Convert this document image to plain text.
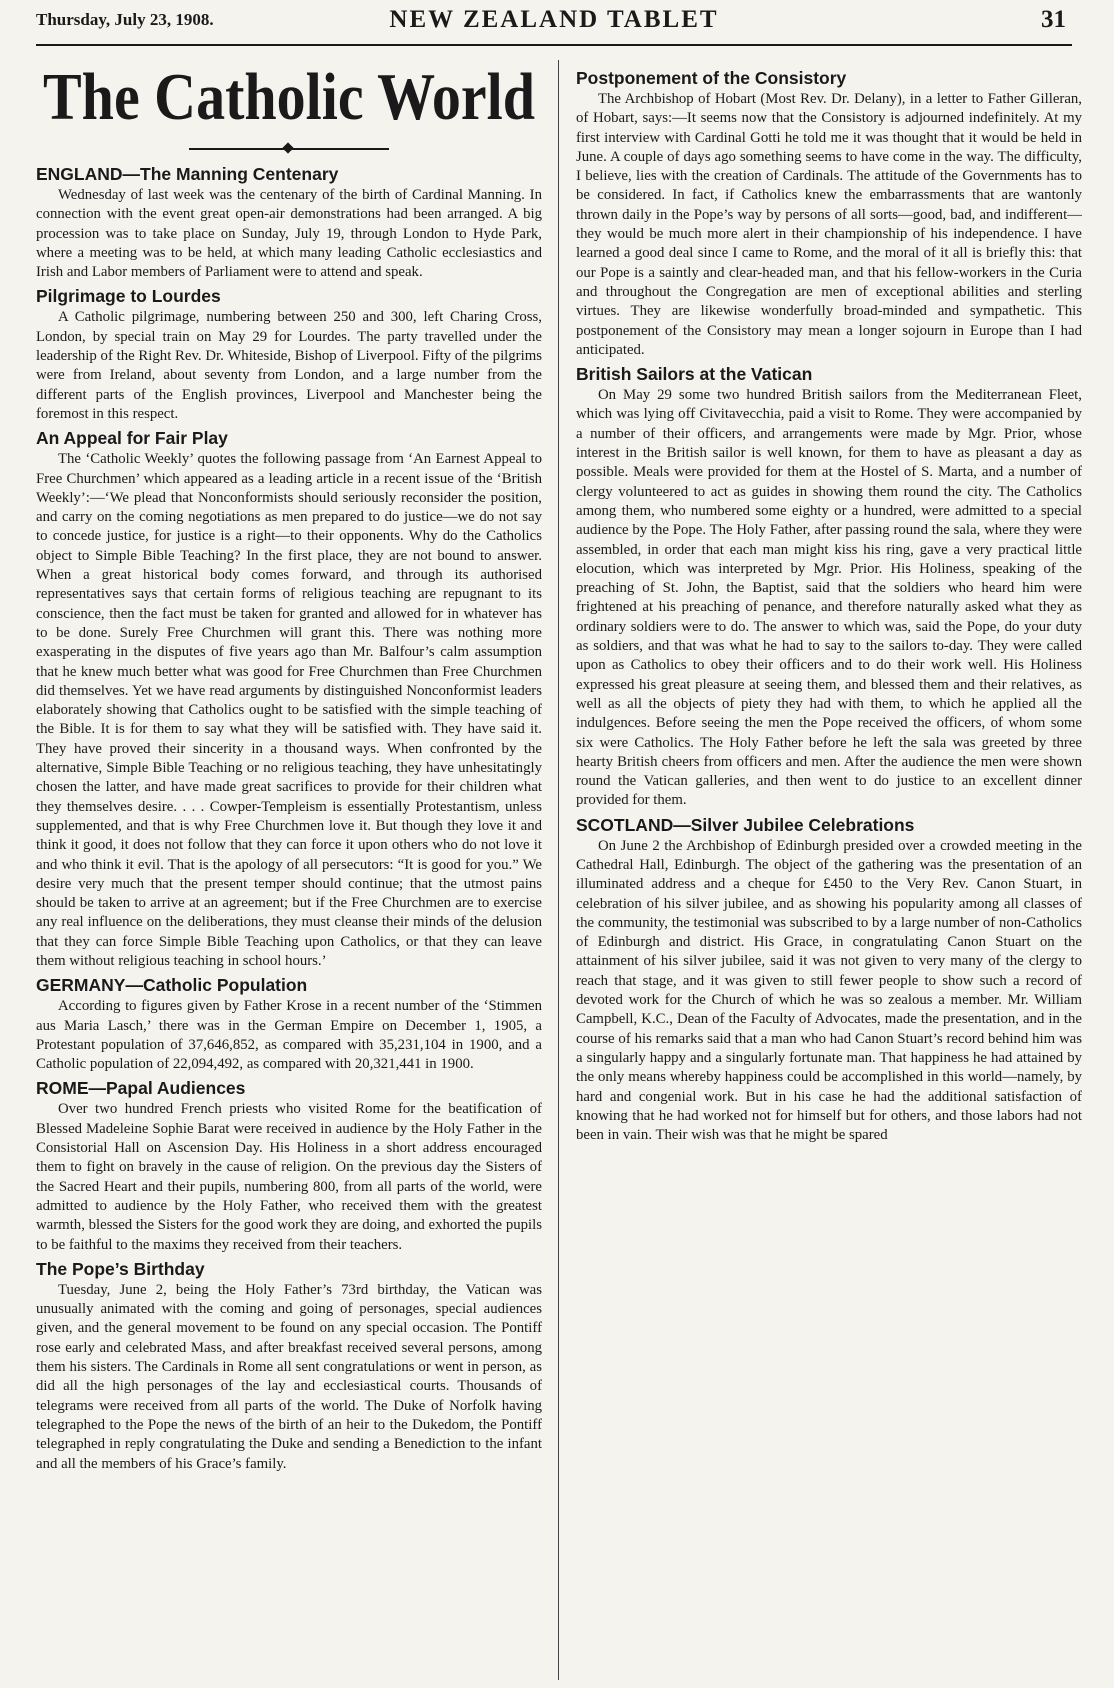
Thursday, July 23, 1908.	NEW ZEALAND TABLET	31
The Catholic World
ENGLAND—The Manning Centenary

Wednesday of last week was the centenary of the birth of Cardinal Manning. In connection with the event great open-air demonstrations had been arranged. A big procession was to take place on Sunday, July 19, through London to Hyde Park, where a meeting was to be held, at which many leading Catholic ecclesiastics and Irish and Labor members of Parliament were to attend and speak.

Pilgrimage to Lourdes

A Catholic pilgrimage, numbering between 250 and 300, left Charing Cross, London, by special train on May 29 for Lourdes. The party travelled under the leadership of the Right Rev. Dr. Whiteside, Bishop of Liverpool. Fifty of the pilgrims were from Ireland, about seventy from London, and a large number from the different parts of the English provinces, Liverpool and Manchester being the foremost in this respect.

An Appeal for Fair Play

The ‘Catholic Weekly’ quotes the following passage from ‘An Earnest Appeal to Free Churchmen’ which appeared as a leading article in a recent issue of the ‘British Weekly’:—‘We plead that Nonconformists should seriously reconsider the position, and carry on the coming negotiations as men prepared to do justice—we do not say to concede justice, for justice is a right—to their opponents. Why do the Catholics object to Simple Bible Teaching? In the first place, they are not bound to answer. When a great historical body comes forward, and through its authorised representatives says that certain forms of religious teaching are repugnant to its conscience, then the fact must be taken for granted and allowed for in whatever has to be done. Surely Free Churchmen will grant this. There was nothing more exasperating in the disputes of five years ago than Mr. Balfour’s calm assumption that he knew much better what was good for Free Churchmen than Free Churchmen did themselves. Yet we have read arguments by distinguished Nonconformist leaders elaborately showing that Catholics ought to be satisfied with the simple teaching of the Bible. It is for them to say what they will be satisfied with. They have said it. They have proved their sincerity in a thousand ways. When confronted by the alternative, Simple Bible Teaching or no religious teaching, they have unhesitatingly chosen the latter, and have made great sacrifices to provide for their children what they themselves desire. . . . Cowper-Templeism is essentially Protestantism, unless supplemented, and that is why Free Churchmen love it. But though they love it and think it good, it does not follow that they can force it upon others who do not love it and who think it evil. That is the apology of all persecutors: “It is good for you.” We desire very much that the present temper should continue; that the utmost pains should be taken to arrive at an agreement; but if the Free Churchmen are to exercise any real influence on the deliberations, they must cleanse their minds of the delusion that they can force Simple Bible Teaching upon Catholics, or that they can leave them without religious teaching in school hours.’

GERMANY—Catholic Population

According to figures given by Father Krose in a recent number of the ‘Stimmen aus Maria Lasch,’ there was in the German Empire on December 1, 1905, a Protestant population of 37,646,852, as compared with 35,231,104 in 1900, and a Catholic population of 22,094,492, as compared with 20,321,441 in 1900.

ROME—Papal Audiences

Over two hundred French priests who visited Rome for the beatification of Blessed Madeleine Sophie Barat were received in audience by the Holy Father in the Consistorial Hall on Ascension Day. His Holiness in a short address encouraged them to fight on bravely in the cause of religion. On the previous day the Sisters of the Sacred Heart and their pupils, numbering 800, from all parts of the world, were admitted to audience by the Holy Father, who received them with the greatest warmth, blessed the Sisters for the good work they are doing, and exhorted the pupils to be faithful to the maxims they received from their teachers.

The Pope’s Birthday

Tuesday, June 2, being the Holy Father’s 73rd birthday, the Vatican was unusually animated with the coming and going of personages, special audiences given, and the general movement to be found on any special occasion. The Pontiff rose early and celebrated Mass, and after breakfast received several persons, among them his sisters. The Cardinals in Rome all sent congratulations or went in person, as did all the high personages of the lay and ecclesiastical courts. Thousands of telegrams were received from all parts of the world. The Duke of Norfolk having telegraphed to the Pope the news of the birth of an heir to the Dukedom, the Pontiff telegraphed in reply congratulating the Duke and sending a Benediction to the infant and all the members of his Grace’s family.

Postponement of the Consistory

The Archbishop of Hobart (Most Rev. Dr. Delany), in a letter to Father Gilleran, of Hobart, says:—It seems now that the Consistory is adjourned indefinitely. At my first interview with Cardinal Gotti he told me it was thought that it would be held in June. A couple of days ago something seems to have come in the way. The difficulty, I believe, lies with the creation of Cardinals. The attitude of the Governments has to be considered. In fact, if Catholics knew the embarrassments that are wantonly thrown daily in the Pope’s way by persons of all sorts—good, bad, and indifferent—they would be much more alert in their championship of his independence. I have learned a good deal since I came to Rome, and the moral of it all is briefly this: that our Pope is a saintly and clear-headed man, and that his fellow-workers in the Curia and throughout the Congregation are men of exceptional abilities and sterling virtues. They are likewise wonderfully broad-minded and sympathetic. This postponement of the Consistory may mean a longer sojourn in Europe than I had anticipated.

British Sailors at the Vatican

On May 29 some two hundred British sailors from the Mediterranean Fleet, which was lying off Civitavecchia, paid a visit to Rome. They were accompanied by a number of their officers, and arrangements were made by Mgr. Prior, whose interest in the British sailor is well known, for them to have as pleasant a day as possible. Meals were provided for them at the Hostel of S. Marta, and a number of clergy volunteered to act as guides in showing them round the city. The Catholics among them, who numbered some eighty or a hundred, were admitted to a special audience by the Pope. The Holy Father, after passing round the sala, where they were assembled, in order that each man might kiss his ring, gave a very practical little elocution, which was interpreted by Mgr. Prior. His Holiness, speaking of the preaching of St. John, the Baptist, said that the soldiers who heard him were frightened at his preaching of penance, and therefore naturally asked what they as ordinary soldiers were to do. The answer to which was, said the Pope, do your duty as soldiers, and that was what he had to say to the sailors to-day. They were called upon as Catholics to obey their officers and to do their work well. His Holiness expressed his great pleasure at seeing them, and blessed them and their relatives, as well as all the objects of piety they had with them, to which he applied all the indulgences. Before seeing the men the Pope received the officers, of whom some six were Catholics. The Holy Father before he left the sala was greeted by three hearty British cheers from officers and men. After the audience the men were shown round the Vatican galleries, and then went to do justice to an excellent dinner provided for them.

SCOTLAND—Silver Jubilee Celebrations

On June 2 the Archbishop of Edinburgh presided over a crowded meeting in the Cathedral Hall, Edinburgh. The object of the gathering was the presentation of an illuminated address and a cheque for £450 to the Very Rev. Canon Stuart, in celebration of his silver jubilee, and as showing his popularity among all classes of the community, the testimonial was subscribed to by a large number of non-Catholics of Edinburgh and district. His Grace, in congratulating Canon Stuart on the attainment of his silver jubilee, said it was not given to very many of the clergy to reach that stage, and it was given to still fewer people to show such a record of devoted work for the Church of which he was so zealous a member. Mr. William Campbell, K.C., Dean of the Faculty of Advocates, made the presentation, and in the course of his remarks said that a man who had Canon Stuart’s record behind him was a singularly happy and a singularly fortunate man. That happiness he had attained by the only means whereby happiness could be accomplished in this world—namely, by hard and congenial work. But in his case he had the additional satisfaction of knowing that he had worked not for himself but for others, and those labors had not been in vain. Their wish was that he might be spared
